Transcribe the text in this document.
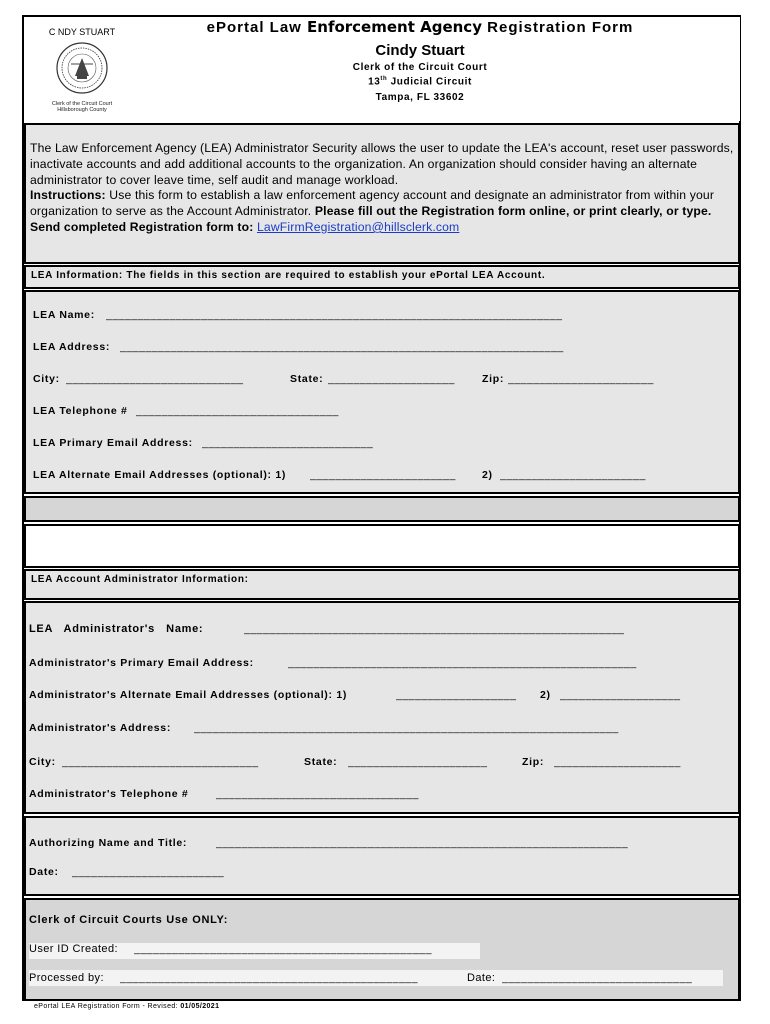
C NDY STUART
Clerk of the Circuit Court
Hillsborough County
ePortal Law Enforcement Agency Registration Form
Cindy Stuart
Clerk of the Circuit Court
13th Judicial Circuit
Tampa, FL 33602
The Law Enforcement Agency (LEA) Administrator Security allows the user to update the LEA's account, reset user passwords, inactivate accounts and add additional accounts to the organization. An organization should consider having an alternate administrator to cover leave time, self audit and manage workload.
Instructions: Use this form to establish a law enforcement agency account and designate an administrator from within your organization to serve as the Account Administrator. Please fill out the Registration form online, or print clearly, or type. Send completed Registration form to: LawFirmRegistration@hillsclerk.com
LEA Information: The fields in this section are required to establish your ePortal LEA Account.
LEA Name: ________________________________________________________________________
LEA Address: ______________________________________________________________________
City: ____________________________	State: ____________________	Zip: _______________________
LEA Telephone # ________________________________
LEA Primary Email Address: ___________________________
LEA Alternate Email Addresses (optional): 1) _______________________	2) _______________________
LEA Account Administrator Information:
LEA   Administrator's   Name:	____________________________________________________________
Administrator's Primary Email Address:	_______________________________________________________
Administrator's Alternate Email Addresses (optional): 1)	___________________	2) ___________________
Administrator's Address: ___________________________________________________________________
City: _______________________________	State: ______________________	Zip: ____________________
Administrator's Telephone #	________________________________
Authorizing Name and Title:	_________________________________________________________________
Date: ________________________
Clerk of Circuit Courts Use ONLY:
User ID Created: _______________________________________________
Processed by: _______________________________________________	Date: ______________________________
ePortal LEA Registration Form - Revised: 01/05/2021
